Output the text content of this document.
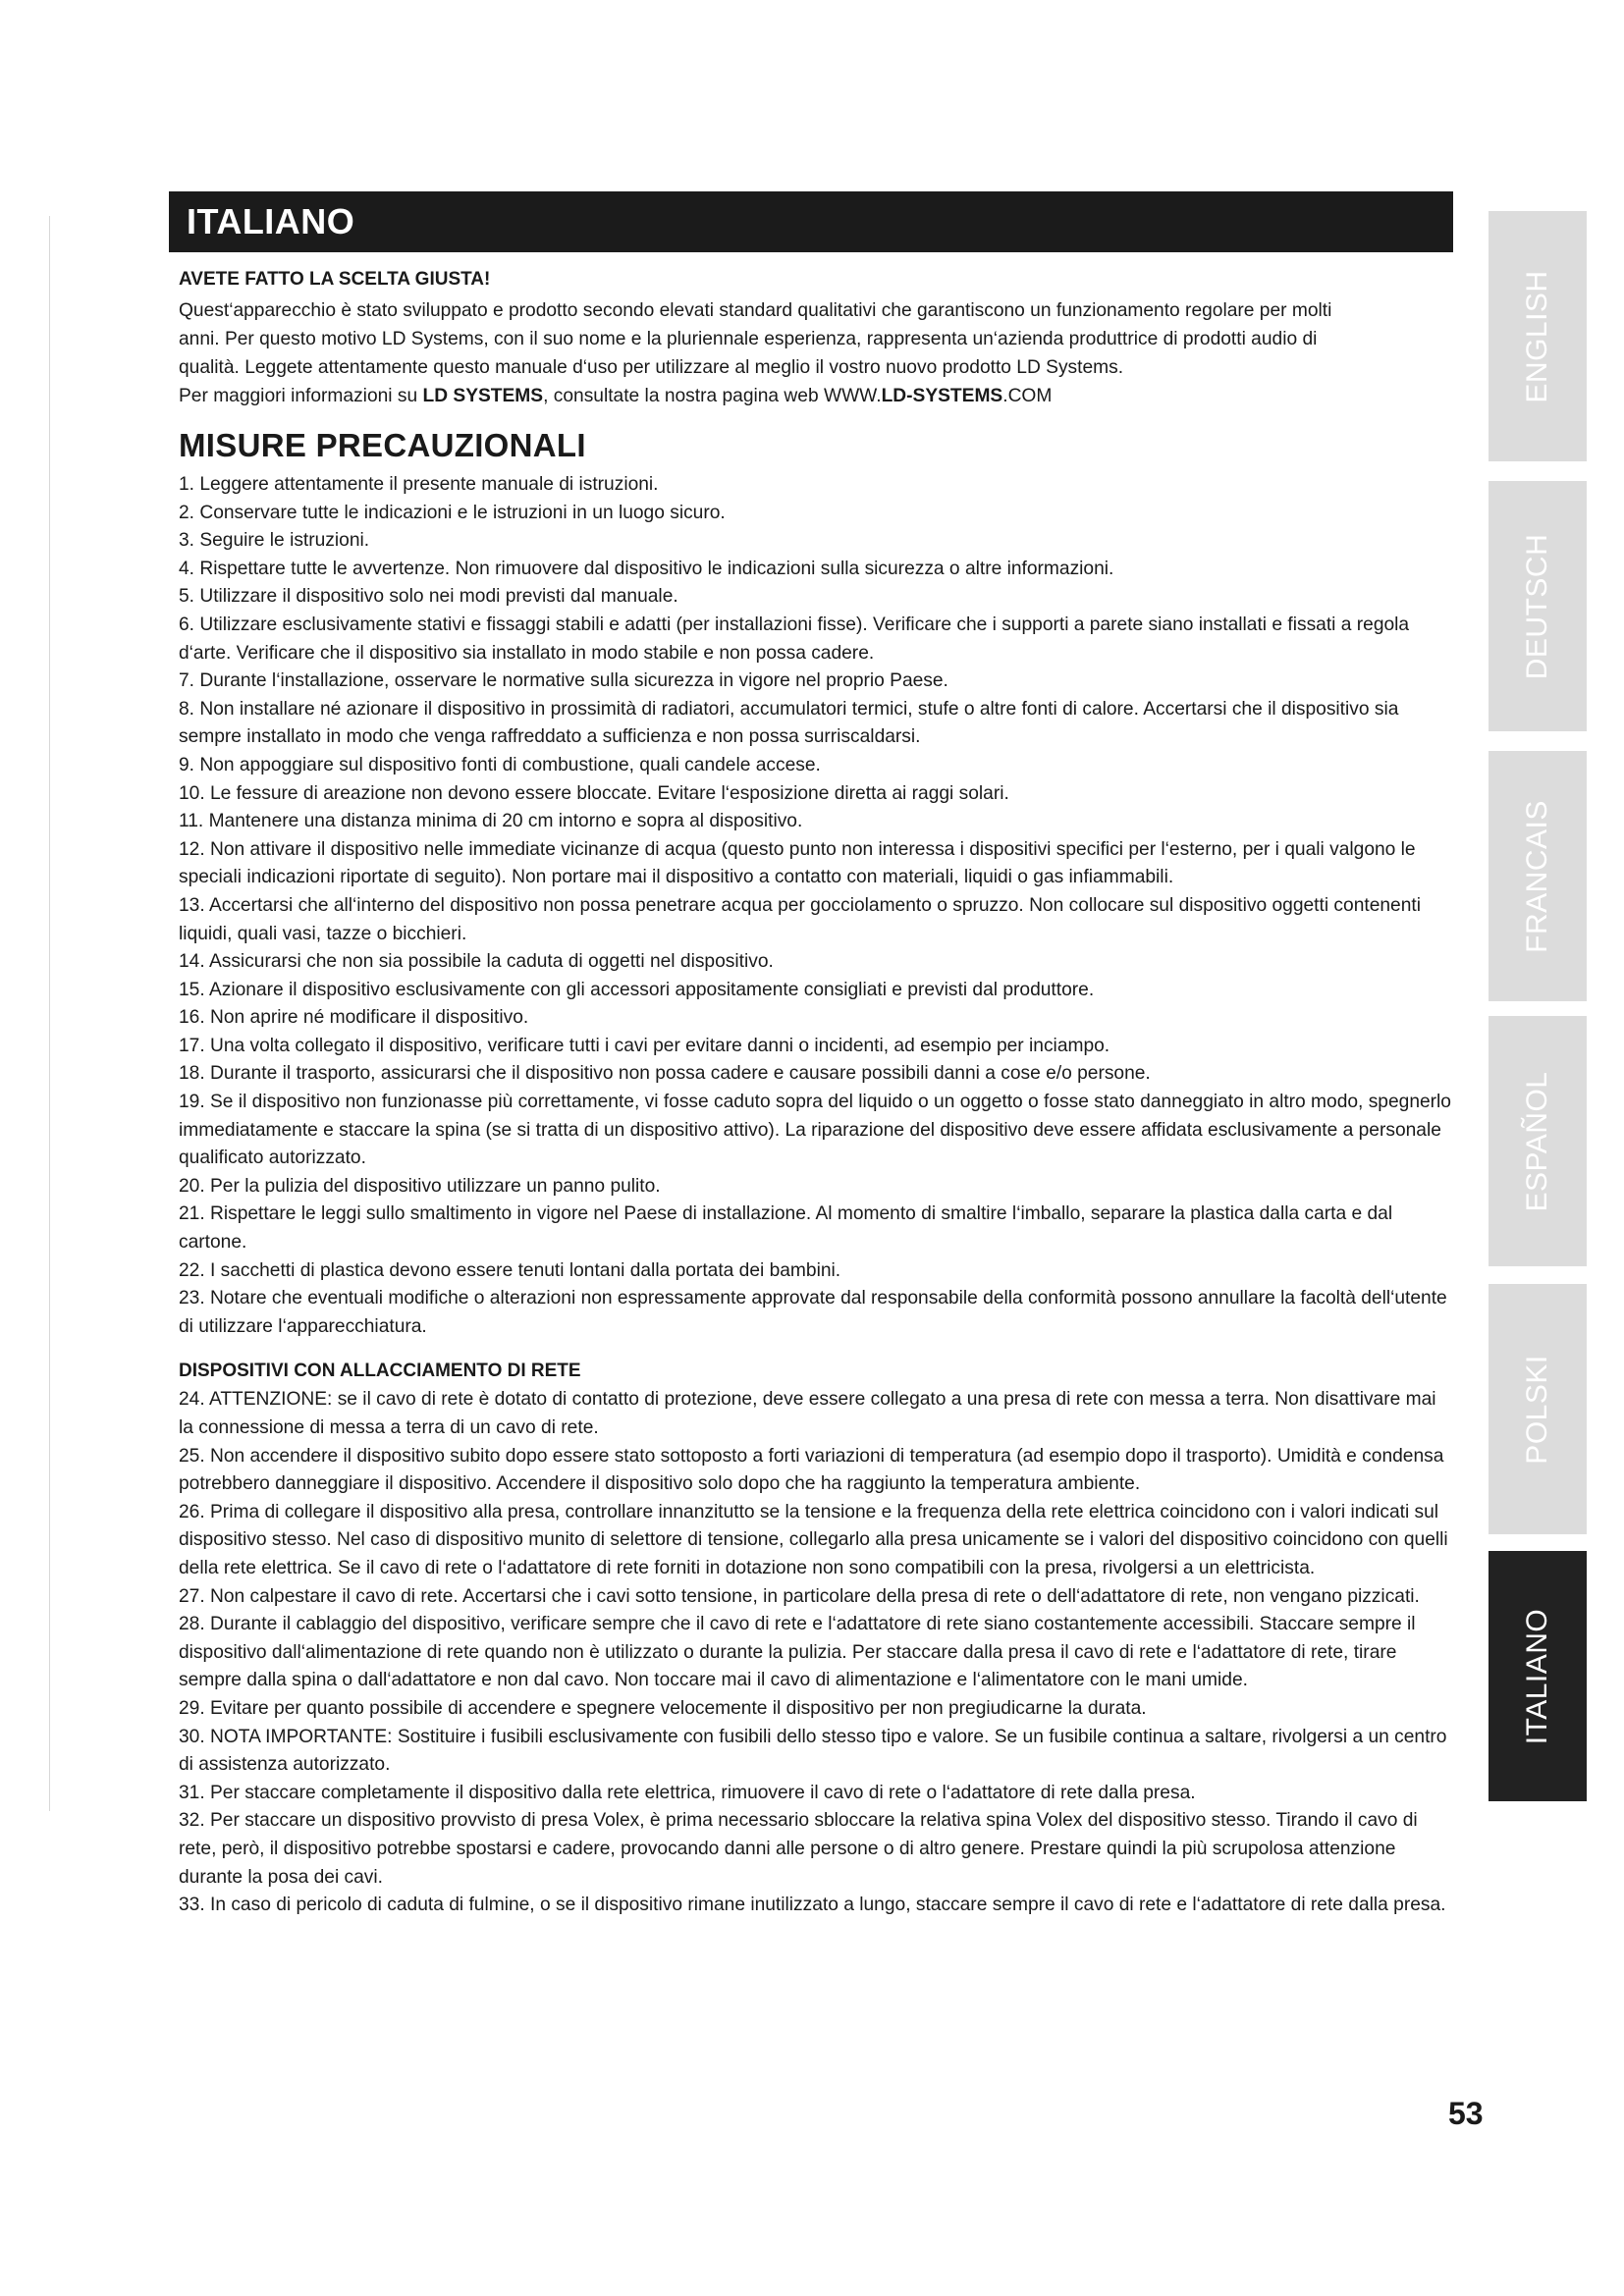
ITALIANO
AVETE FATTO LA SCELTA GIUSTA!

Quest‘apparecchio è stato sviluppato e prodotto secondo elevati standard qualitativi che garantiscono un funzionamento regolare per molti
anni. Per questo motivo LD Systems, con il suo nome e la pluriennale esperienza, rappresenta un‘azienda produttrice di prodotti audio di
qualità. Leggete attentamente questo manuale d‘uso per utilizzare al meglio il vostro nuovo prodotto LD Systems.
Per maggiori informazioni su LD SYSTEMS, consultate la nostra pagina web WWW.LD-SYSTEMS.COM

MISURE PRECAUZIONALI

1. Leggere attentamente il presente manuale di istruzioni.

2. Conservare tutte le indicazioni e le istruzioni in un luogo sicuro.

3. Seguire le istruzioni.

4. Rispettare tutte le avvertenze. Non rimuovere dal dispositivo le indicazioni sulla sicurezza o altre informazioni.

5. Utilizzare il dispositivo solo nei modi previsti dal manuale.

6. Utilizzare esclusivamente stativi e fissaggi stabili e adatti (per installazioni fisse). Verificare che i supporti a parete siano installati e fissati a regola d‘arte. Verificare che il dispositivo sia installato in modo stabile e non possa cadere.

7. Durante l‘installazione, osservare le normative sulla sicurezza in vigore nel proprio Paese.

8. Non installare né azionare il dispositivo in prossimità di radiatori, accumulatori termici, stufe o altre fonti di calore. Accertarsi che il dispositivo sia sempre installato in modo che venga raffreddato a sufficienza e non possa surriscaldarsi.

9. Non appoggiare sul dispositivo fonti di combustione, quali candele accese.

10. Le fessure di areazione non devono essere bloccate. Evitare l‘esposizione diretta ai raggi solari.

11. Mantenere una distanza minima di 20 cm intorno e sopra al dispositivo.

12. Non attivare il dispositivo nelle immediate vicinanze di acqua (questo punto non interessa i dispositivi specifici per l‘esterno, per i quali valgono le speciali indicazioni riportate di seguito). Non portare mai il dispositivo a contatto con materiali, liquidi o gas infiammabili.

13. Accertarsi che all‘interno del dispositivo non possa penetrare acqua per gocciolamento o spruzzo. Non collocare sul dispositivo oggetti contenenti liquidi, quali vasi, tazze o bicchieri.

14. Assicurarsi che non sia possibile la caduta di oggetti nel dispositivo.

15. Azionare il dispositivo esclusivamente con gli accessori appositamente consigliati e previsti dal produttore.

16. Non aprire né modificare il dispositivo.

17. Una volta collegato il dispositivo, verificare tutti i cavi per evitare danni o incidenti, ad esempio per inciampo.

18. Durante il trasporto, assicurarsi che il dispositivo non possa cadere e causare possibili danni a cose e/o persone.

19. Se il dispositivo non funzionasse più correttamente, vi fosse caduto sopra del liquido o un oggetto o fosse stato danneggiato in altro modo, spegnerlo immediatamente e staccare la spina (se si tratta di un dispositivo attivo). La riparazione del dispositivo deve essere affidata esclusivamente a personale qualificato autorizzato.

20. Per la pulizia del dispositivo utilizzare un panno pulito.

21. Rispettare le leggi sullo smaltimento in vigore nel Paese di installazione. Al momento di smaltire l‘imballo, separare la plastica dalla carta e dal cartone.

22. I sacchetti di plastica devono essere tenuti lontani dalla portata dei bambini.

23. Notare che eventuali modifiche o alterazioni non espressamente approvate dal responsabile della conformità possono annullare la facoltà dell‘utente di utilizzare l‘apparecchiatura.

DISPOSITIVI CON ALLACCIAMENTO DI RETE

24. ATTENZIONE: se il cavo di rete è dotato di contatto di protezione, deve essere collegato a una presa di rete con messa a terra. Non disattivare mai la connessione di messa a terra di un cavo di rete.

25. Non accendere il dispositivo subito dopo essere stato sottoposto a forti variazioni di temperatura (ad esempio dopo il trasporto). Umidità e condensa potrebbero danneggiare il dispositivo. Accendere il dispositivo solo dopo che ha raggiunto la temperatura ambiente.

26. Prima di collegare il dispositivo alla presa, controllare innanzitutto se la tensione e la frequenza della rete elettrica coincidono con i valori indicati sul dispositivo stesso. Nel caso di dispositivo munito di selettore di tensione, collegarlo alla presa unicamente se i valori del dispositivo coincidono con quelli della rete elettrica. Se il cavo di rete o l‘adattatore di rete forniti in dotazione non sono compatibili con la presa, rivolgersi a un elettricista.

27. Non calpestare il cavo di rete. Accertarsi che i cavi sotto tensione, in particolare della presa di rete o dell‘adattatore di rete, non vengano pizzicati.

28. Durante il cablaggio del dispositivo, verificare sempre che il cavo di rete e l‘adattatore di rete siano costantemente accessibili. Staccare sempre il dispositivo dall‘alimentazione di rete quando non è utilizzato o durante la pulizia. Per staccare dalla presa il cavo di rete e l‘adattatore di rete, tirare sempre dalla spina o dall‘adattatore e non dal cavo. Non toccare mai il cavo di alimentazione e l‘alimentatore con le mani umide.

29. Evitare per quanto possibile di accendere e spegnere velocemente il dispositivo per non pregiudicarne la durata.

30. NOTA IMPORTANTE: Sostituire i fusibili esclusivamente con fusibili dello stesso tipo e valore. Se un fusibile continua a saltare, rivolgersi a un centro di assistenza autorizzato.

31. Per staccare completamente il dispositivo dalla rete elettrica, rimuovere il cavo di rete o l‘adattatore di rete dalla presa.

32. Per staccare un dispositivo provvisto di presa Volex, è prima necessario sbloccare la relativa spina Volex del dispositivo stesso. Tirando il cavo di rete, però, il dispositivo potrebbe spostarsi e cadere, provocando danni alle persone o di altro genere. Prestare quindi la più scrupolosa attenzione durante la posa dei cavi.

33. In caso di pericolo di caduta di fulmine, o se il dispositivo rimane inutilizzato a lungo, staccare sempre il cavo di rete e l‘adattatore di rete dalla presa.

53
ENGLISH
DEUTSCH
FRANCAIS
ESPAÑOL
POLSKI
ITALIANO
